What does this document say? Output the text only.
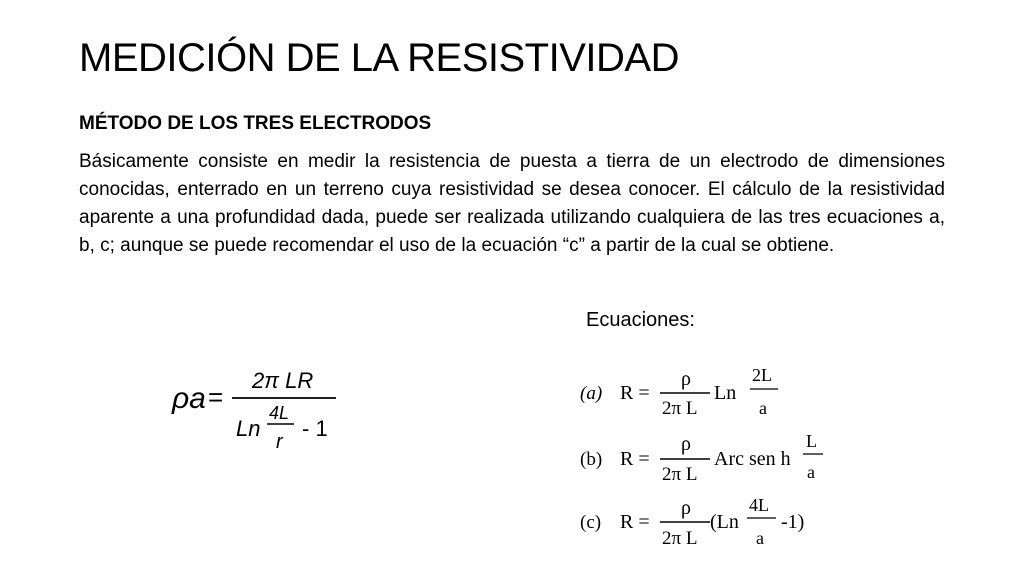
MEDICIÓN DE LA RESISTIVIDAD

MÉTODO DE LOS TRES ELECTRODOS

Básicamente consiste en medir la resistencia de puesta a tierra de un electrodo de dimensiones conocidas, enterrado en un terreno cuya resistividad se desea conocer. El cálculo de la resistividad aparente a una profundidad dada, puede ser realizada utilizando cualquiera de las tres ecuaciones a, b, c; aunque se puede recomendar el uso de la ecuación “c” a partir de la cual se obtiene.

ρa =
2π LR
Ln
4L
r
- 1
Ecuaciones:
(a) R =
ρ
2π L
Ln
2L
a
(b) R =
ρ
2π L
Arc sen h
L
a
(c) R =
ρ
2π L
(Ln
4L
a
-1)
